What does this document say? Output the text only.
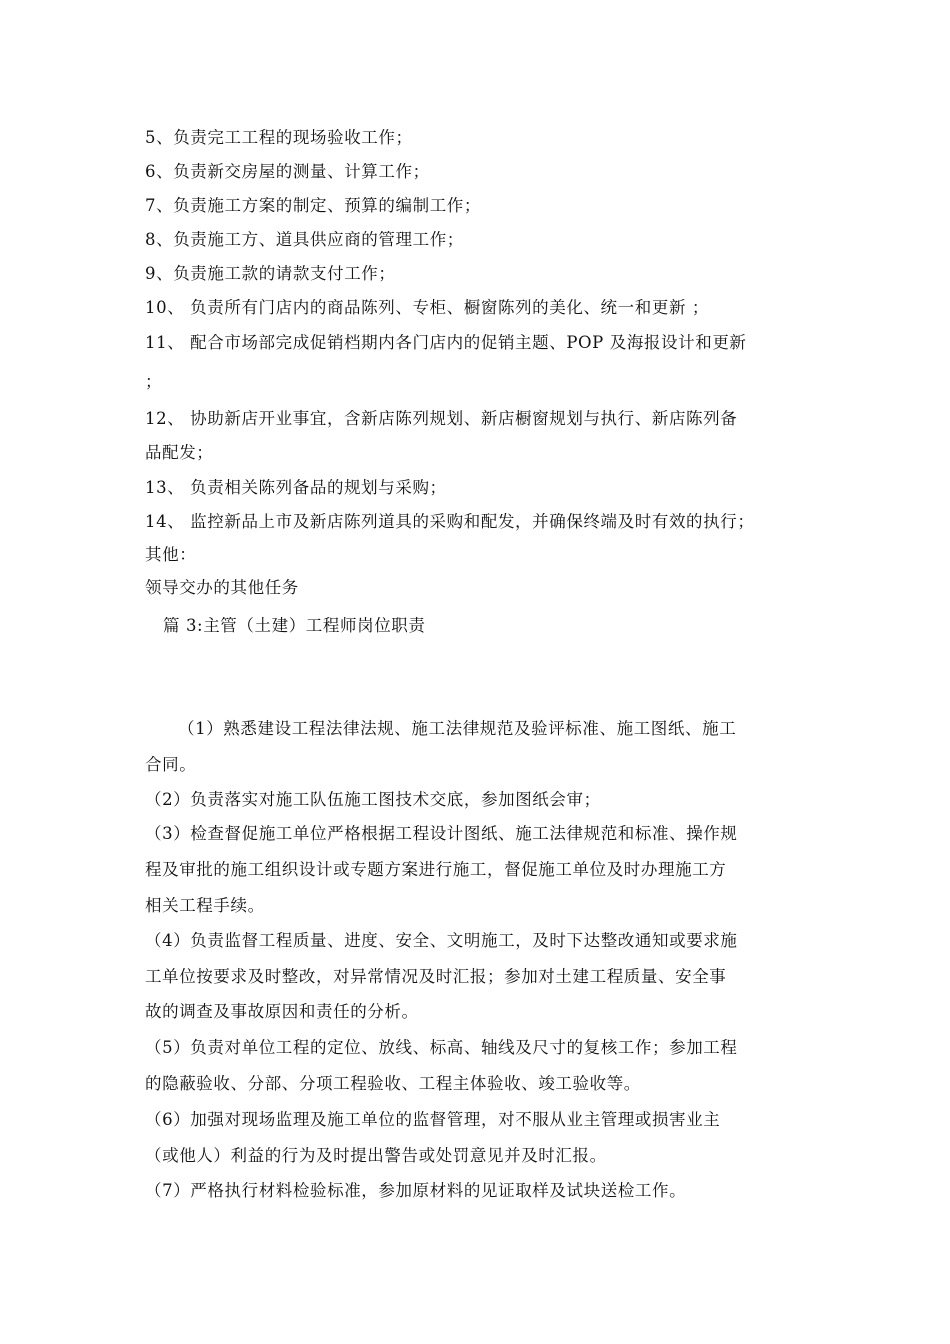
5、负责完工工程的现场验收工作；
6、负责新交房屋的测量、计算工作；
7、负责施工方案的制定、预算的编制工作；
8、负责施工方、道具供应商的管理工作；
9、负责施工款的请款支付工作；
10、 负责所有门店内的商品陈列、专柜、橱窗陈列的美化、统一和更新 ；
11、 配合市场部完成促销档期内各门店内的促销主题、POP 及海报设计和更新
；
12、 协助新店开业事宜，含新店陈列规划、新店橱窗规划与执行、新店陈列备
品配发；
13、 负责相关陈列备品的规划与采购；
14、 监控新品上市及新店陈列道具的采购和配发，并确保终端及时有效的执行；
其他：
领导交办的其他任务
篇 3:主管（土建）工程师岗位职责
（1）熟悉建设工程法律法规、施工法律规范及验评标准、施工图纸、施工
合同。
（2）负责落实对施工队伍施工图技术交底，参加图纸会审；
（3）检查督促施工单位严格根据工程设计图纸、施工法律规范和标准、操作规
程及审批的施工组织设计或专题方案进行施工，督促施工单位及时办理施工方
相关工程手续。
（4）负责监督工程质量、进度、安全、文明施工，及时下达整改通知或要求施
工单位按要求及时整改，对异常情况及时汇报；参加对土建工程质量、安全事
故的调查及事故原因和责任的分析。
（5）负责对单位工程的定位、放线、标高、轴线及尺寸的复核工作；参加工程
的隐蔽验收、分部、分项工程验收、工程主体验收、竣工验收等。
（6）加强对现场监理及施工单位的监督管理，对不服从业主管理或损害业主
（或他人）利益的行为及时提出警告或处罚意见并及时汇报。
（7）严格执行材料检验标准，参加原材料的见证取样及试块送检工作。
